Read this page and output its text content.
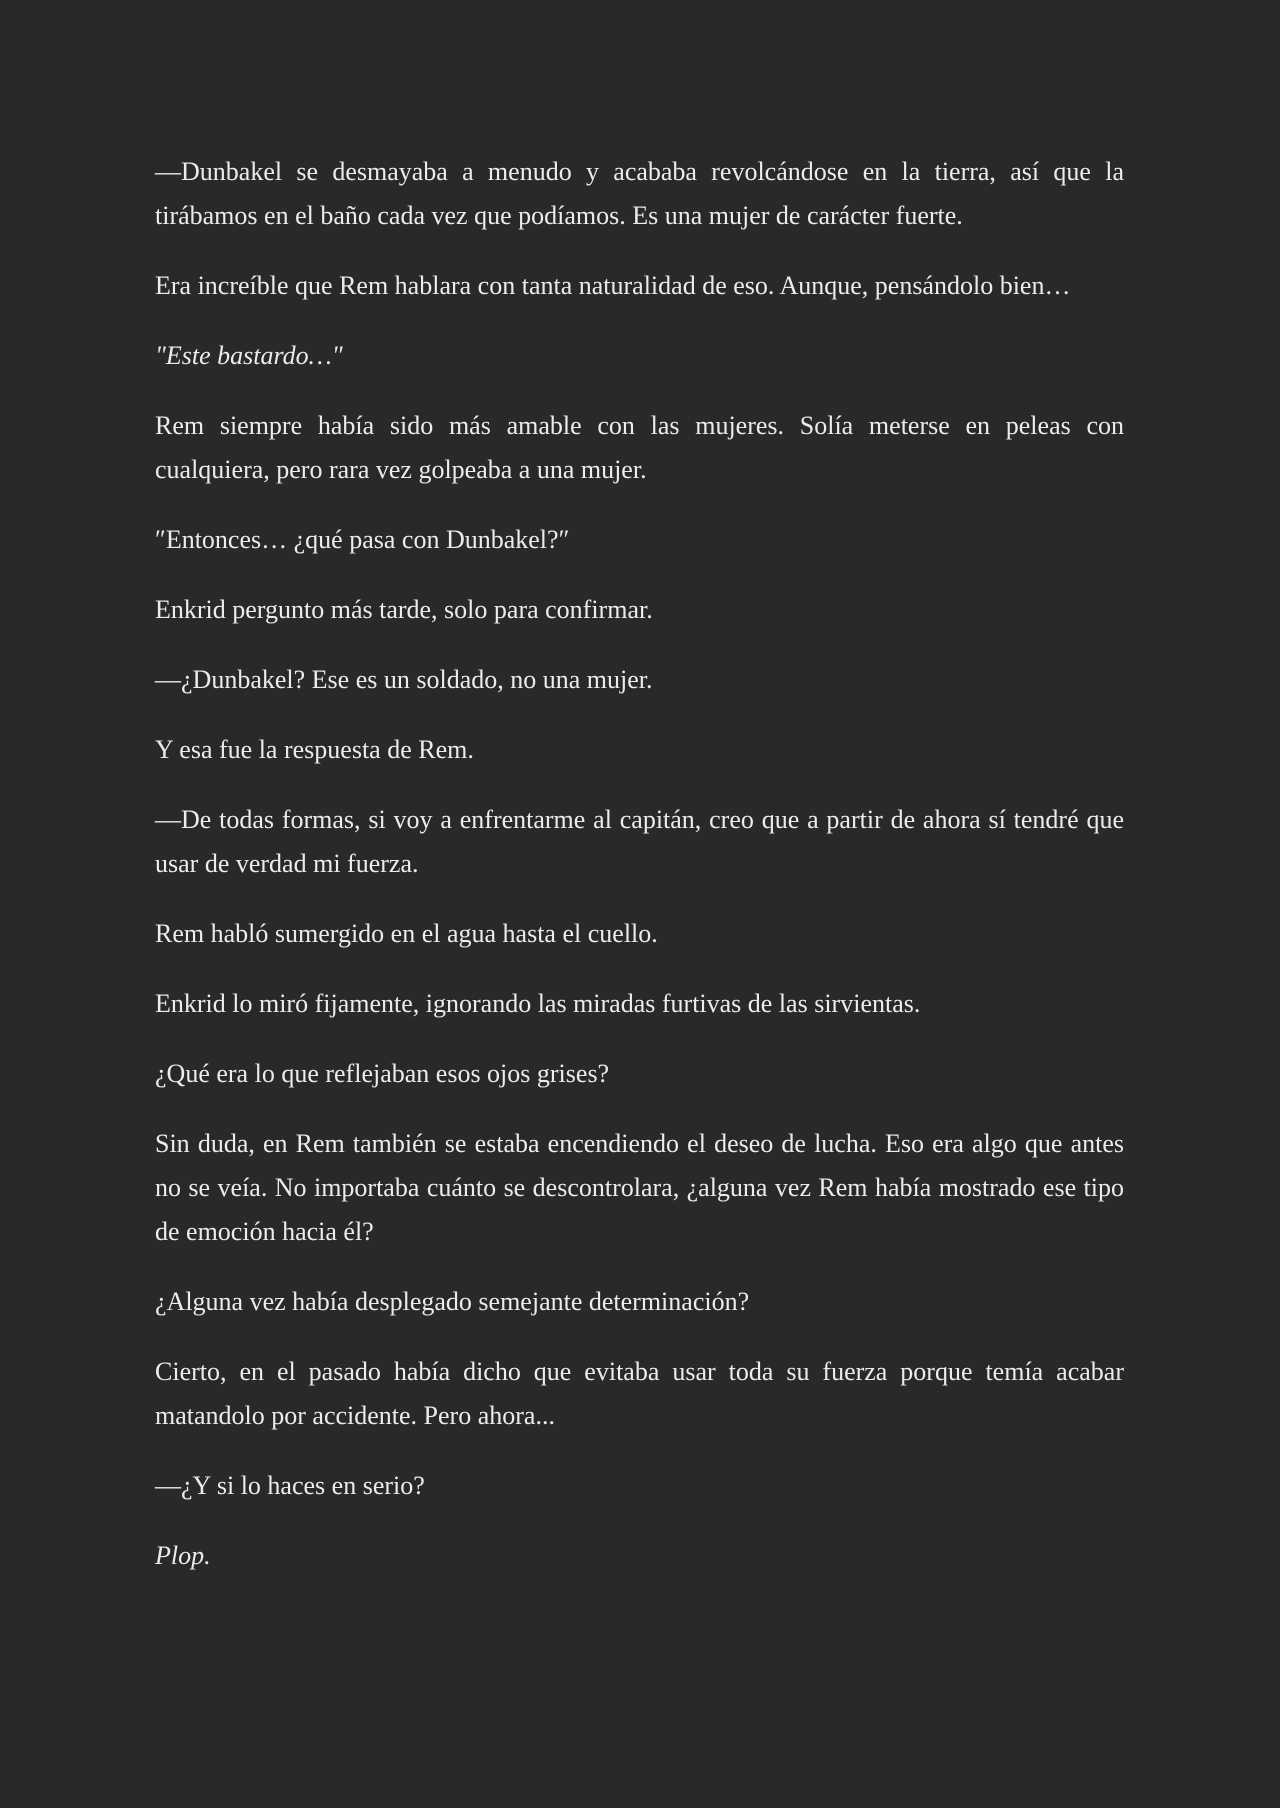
—Dunbakel se desmayaba a menudo y acababa revolcándose en la tierra, así que la tirábamos en el baño cada vez que podíamos. Es una mujer de carácter fuerte.

Era increíble que Rem hablara con tanta naturalidad de eso. Aunque, pensándolo bien…

"Este bastardo…"

Rem siempre había sido más amable con las mujeres. Solía meterse en peleas con cualquiera, pero rara vez golpeaba a una mujer.

″Entonces… ¿qué pasa con Dunbakel?″

Enkrid pergunto más tarde, solo para confirmar.

—¿Dunbakel? Ese es un soldado, no una mujer.

Y esa fue la respuesta de Rem.

—De todas formas, si voy a enfrentarme al capitán, creo que a partir de ahora sí tendré que usar de verdad mi fuerza.

Rem habló sumergido en el agua hasta el cuello.

Enkrid lo miró fijamente, ignorando las miradas furtivas de las sirvientas.

¿Qué era lo que reflejaban esos ojos grises?

Sin duda, en Rem también se estaba encendiendo el deseo de lucha. Eso era algo que antes no se veía. No importaba cuánto se descontrolara, ¿alguna vez Rem había mostrado ese tipo de emoción hacia él?

¿Alguna vez había desplegado semejante determinación?

Cierto, en el pasado había dicho que evitaba usar toda su fuerza porque temía acabar matandolo por accidente. Pero ahora...

—¿Y si lo haces en serio?

Plop.
